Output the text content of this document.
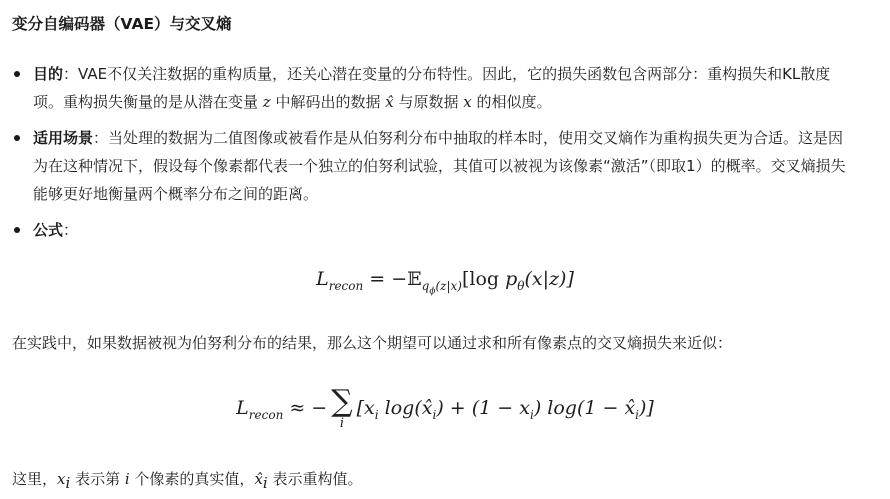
变分自编码器（VAE）与交叉熵
目的：VAE不仅关注数据的重构质量，还关心潜在变量的分布特性。因此，它的损失函数包含两部分：重构损失和KL散度项。重构损失衡量的是从潜在变量 z 中解码出的数据 x̂ 与原数据 x 的相似度。
适用场景：当处理的数据为二值图像或被看作是从伯努利分布中抽取的样本时，使用交叉熵作为重构损失更为合适。这是因为在这种情况下，假设每个像素都代表一个独立的伯努利试验，其值可以被视为该像素“激活”（即取1）的概率。交叉熵损失能够更好地衡量两个概率分布之间的距离。
公式：
$L_{recon}$ = −𝔼$_{q_\phi(z|x)}$[log $p_\theta(x|z)$]
在实践中，如果数据被视为伯努利分布的结果，那么这个期望可以通过求和所有像素点的交叉熵损失来近似：
$L_{recon}$ ≈ − ∑
i
[$x_i$ $\log(x̂_i) + (1 - x_i) \log(1$ − $x̂_i$)]
这里，$x_i$ 表示第 i 个像素的真实值，$x̂_i$ 表示重构值。
